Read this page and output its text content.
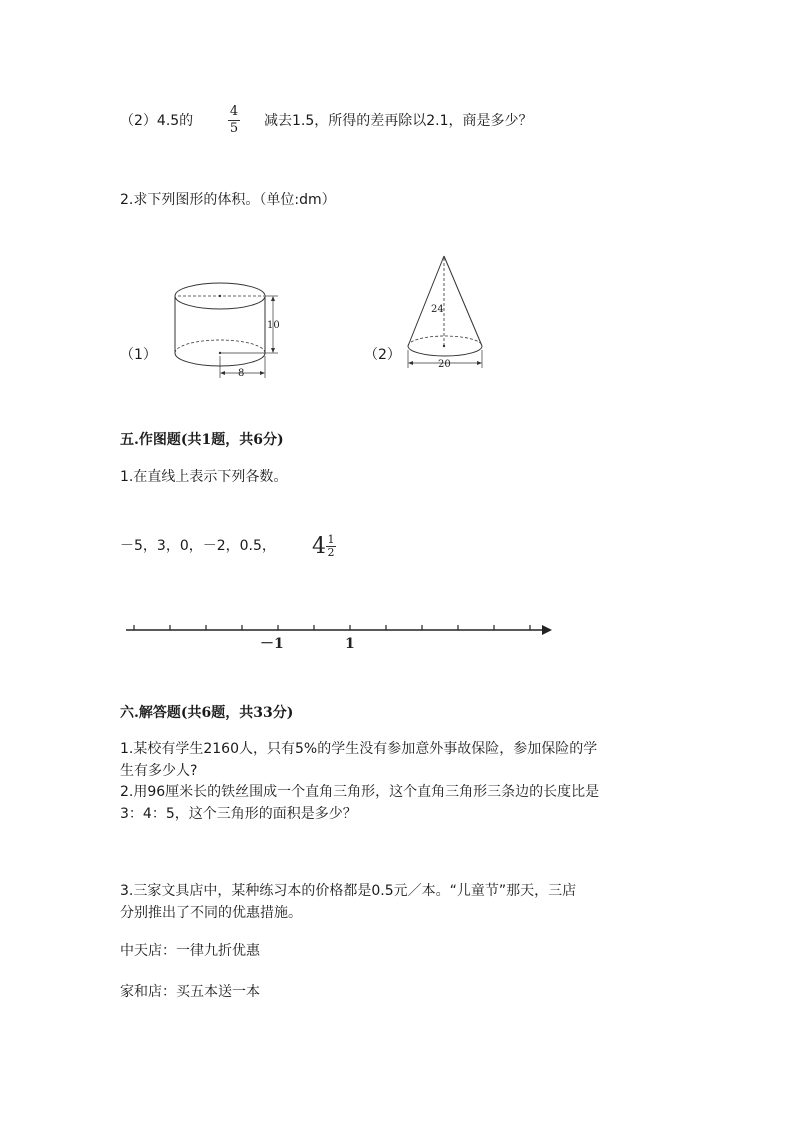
（2）4.5的
4
5 减去1.5，所得的差再除以2.1，商是多少？
2.求下列图形的体积。（单位:dm）
（1）
10
8
（2）
24
20
五.作图题(共1题，共6分)
1.在直线上表示下列各数。
－5，3，0，－2，0.5， 4 1
2
－1	1
六.解答题(共6题，共33分)
1.某校有学生2160人，只有5%的学生没有参加意外事故保险，参加保险的学
生有多少人?
2.用96厘米长的铁丝围成一个直角三角形，这个直角三角形三条边的长度比是
3：4：5，这个三角形的面积是多少？
3.三家文具店中，某种练习本的价格都是0.5元／本。“儿童节”那天，三店
分别推出了不同的优惠措施。
中天店：一律九折优惠
家和店：买五本送一本
